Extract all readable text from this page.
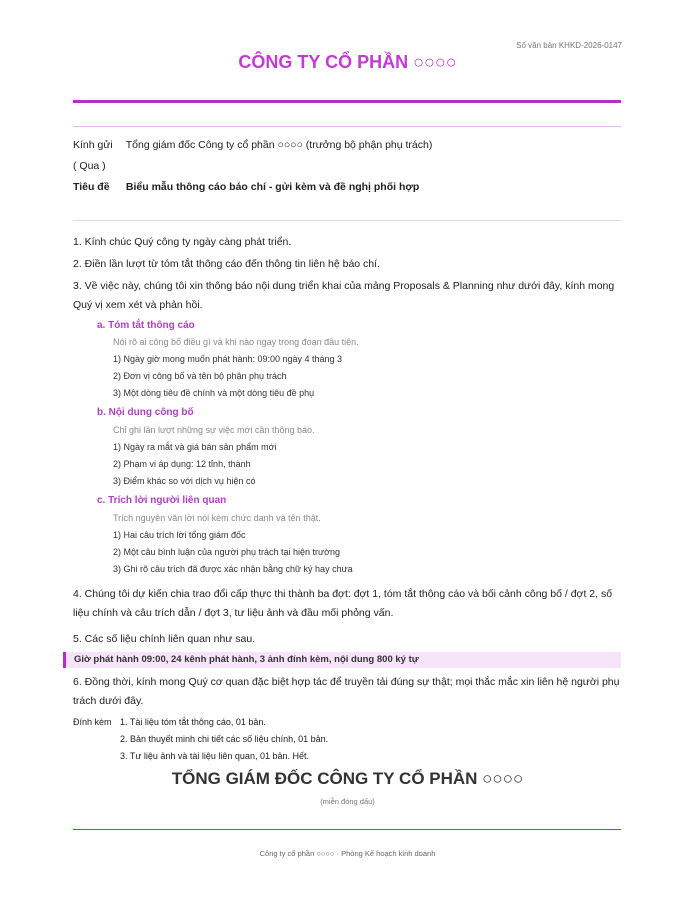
Số văn bản KHKD-2026-0147
CÔNG TY CỔ PHẦN ○○○○
Kính gửi Tổng giám đốc Công ty cổ phần ○○○○ (trưởng bộ phận phụ trách)
( Qua )
Tiêu đề Biểu mẫu thông cáo báo chí - gửi kèm và đề nghị phối hợp
1. Kính chúc Quý công ty ngày càng phát triển.
2. Điền lần lượt từ tóm tắt thông cáo đến thông tin liên hệ báo chí.
3. Về việc này, chúng tôi xin thông báo nội dung triển khai của mảng Proposals & Planning như dưới đây, kính mong Quý vị xem xét và phản hồi.
a. Tóm tắt thông cáo
Nói rõ ai công bố điều gì và khi nào ngay trong đoạn đầu tiên.
1) Ngày giờ mong muốn phát hành: 09:00 ngày 4 tháng 3
2) Đơn vị công bố và tên bộ phận phụ trách
3) Một dòng tiêu đề chính và một dòng tiêu đề phụ
b. Nội dung công bố
Chỉ ghi lần lượt những sự việc mới cần thông báo.
1) Ngày ra mắt và giá bán sản phẩm mới
2) Phạm vi áp dụng: 12 tỉnh, thành
3) Điểm khác so với dịch vụ hiện có
c. Trích lời người liên quan
Trích nguyên văn lời nói kèm chức danh và tên thật.
1) Hai câu trích lời tổng giám đốc
2) Một câu bình luận của người phụ trách tại hiện trường
3) Ghi rõ câu trích đã được xác nhận bằng chữ ký hay chưa
4. Chúng tôi dự kiến chia trao đổi cấp thực thi thành ba đợt: đợt 1, tóm tắt thông cáo và bối cảnh công bố / đợt 2, số liệu chính và câu trích dẫn / đợt 3, tư liệu ảnh và đầu mối phỏng vấn.
5. Các số liệu chính liên quan như sau.
Giờ phát hành 09:00, 24 kênh phát hành, 3 ảnh đính kèm, nội dung 800 ký tự
6. Đồng thời, kính mong Quý cơ quan đặc biệt hợp tác để truyền tải đúng sự thật; mọi thắc mắc xin liên hệ người phụ trách dưới đây.
Đính kèm 1. Tài liệu tóm tắt thông cáo, 01 bản.
2. Bản thuyết minh chi tiết các số liệu chính, 01 bản.
3. Tư liệu ảnh và tài liệu liên quan, 01 bản. Hết.
TỔNG GIÁM ĐỐC CÔNG TY CỔ PHẦN ○○○○
(miễn đóng dấu)
Công ty cổ phần ○○○○ · Phòng Kế hoạch kinh doanh
